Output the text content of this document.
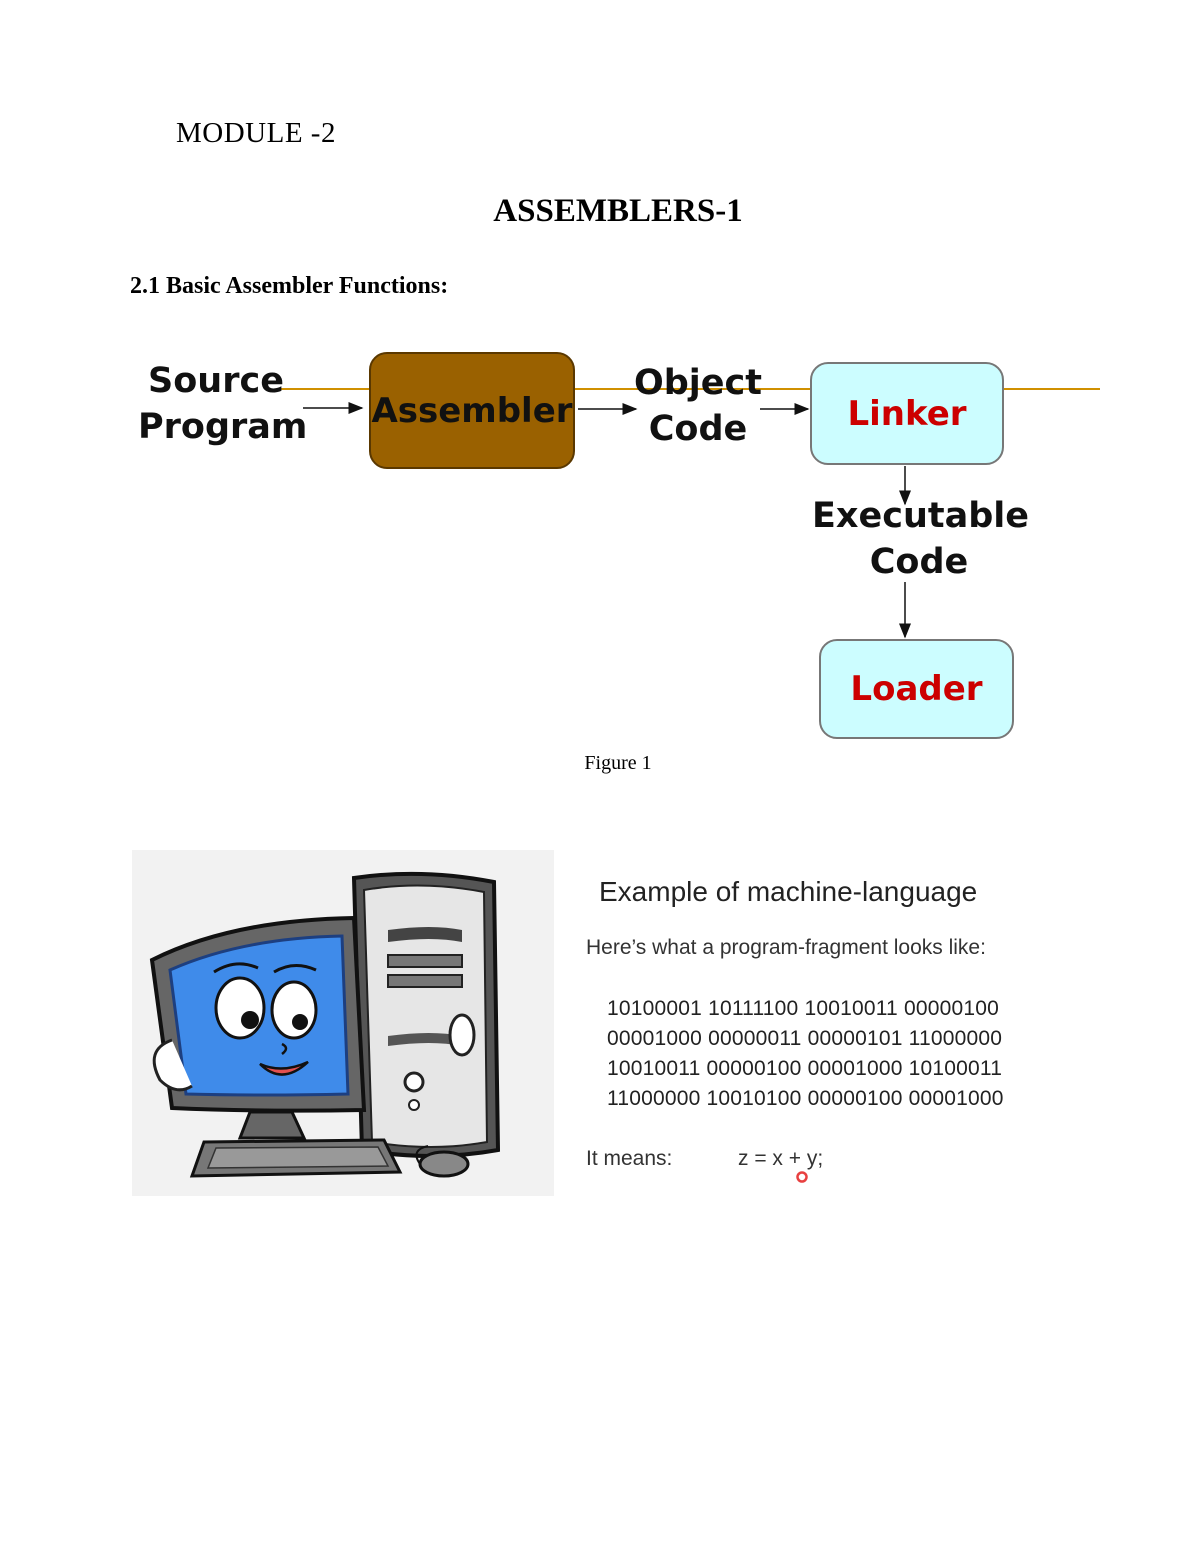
MODULE -2
ASSEMBLERS-1
2.1 Basic Assembler Functions:
Source
Program Assembler
Object
Code	Linker
Executable
Code
Loader
Figure 1
Example of machine-language
Here’s what a program-fragment looks like:
10100001 10111100 10010011 00000100
00001000 00000011 00000101 11000000
10010011 00000100 00001000 10100011
11000000 10010100 00000100 00001000
It means:	z = x + y;
